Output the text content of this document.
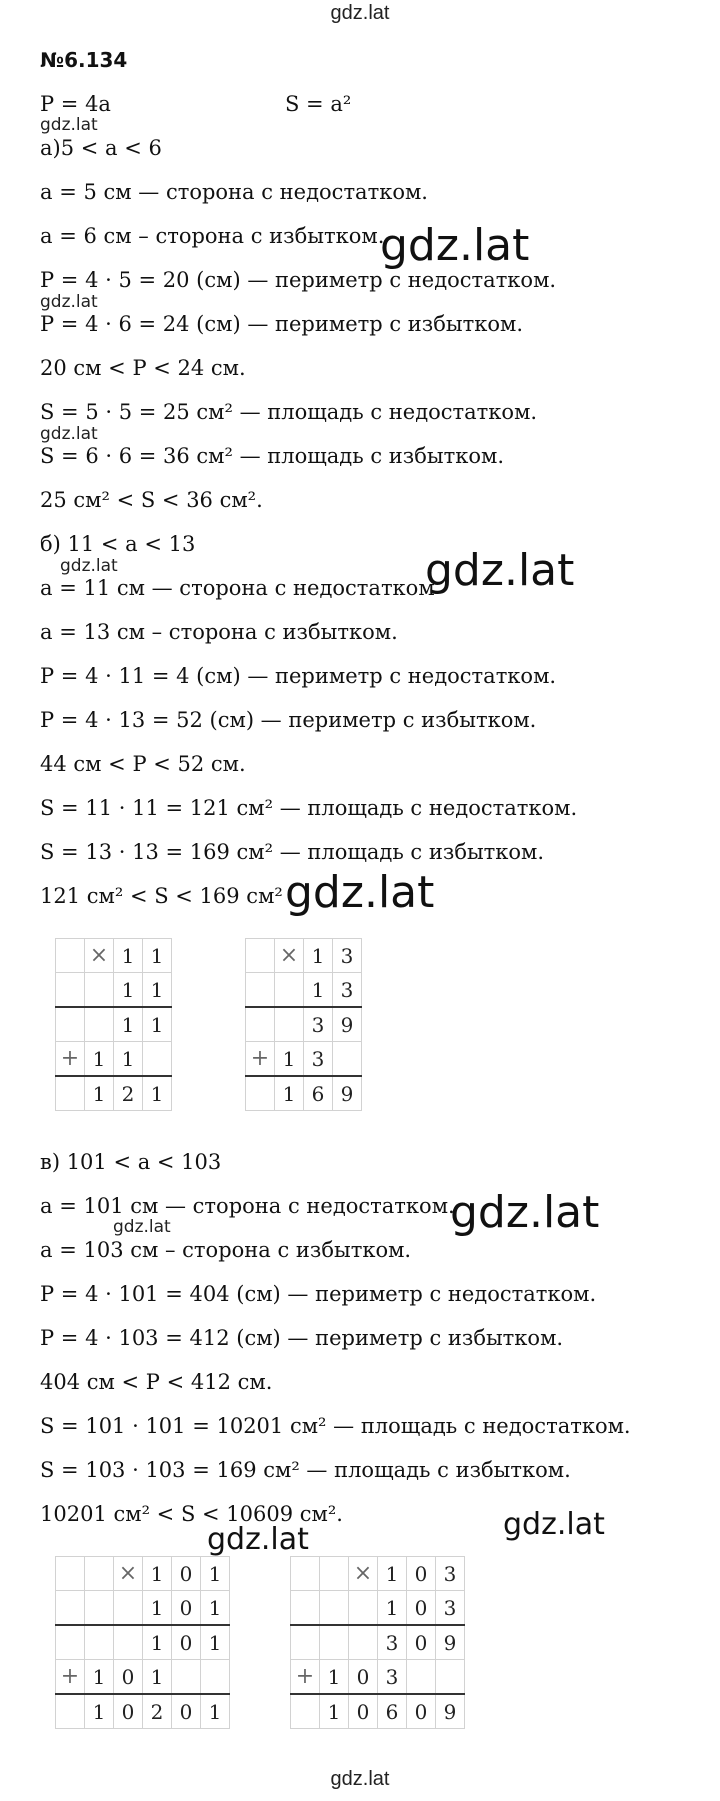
gdz.lat
№6.134
P = 4a	S = a²
а)5 < a < 6
a = 5 см — сторона с недостатком.
a = 6 см – сторона с избытком.
P = 4 · 5 = 20 (см) — периметр с недостатком.
P = 4 · 6 = 24 (см) — периметр с избытком.
20 см < P < 24 см.
S = 5 · 5 = 25 см² — площадь с недостатком.
S = 6 · 6 = 36 см² — площадь с избытком.
25 см² < S < 36 см².
б) 11 < a < 13
a = 11 см — сторона с недостатком
a = 13 см – сторона с избытком.
P = 4 · 11 = 4 (см) — периметр с недостатком.
P = 4 · 13 = 52 (см) — периметр с избытком.
44 см < P < 52 см.
S = 11 · 11 = 121 см² — площадь с недостатком.
S = 13 · 13 = 169 см² — площадь с избытком.
121 см² < S < 169 см²
	×	1	1
		1	1
		1	1
+	1	1	
	1	2	1
	×	1	3
		1	3
		3	9
+	1	3	
	1	6	9
в) 101 < a < 103
a = 101 см — сторона с недостатком.
a = 103 см – сторона с избытком.
P = 4 · 101 = 404 (см) — периметр с недостатком.
P = 4 · 103 = 412 (см) — периметр с избытком.
404 см < P < 412 см.
S = 101 · 101 = 10201 см² — площадь с недостатком.
S = 103 · 103 = 169 см² — площадь с избытком.
10201 см² < S < 10609 см².
		×	1	0	1
			1	0	1
			1	0	1
+	1	0	1		
	1	0	2	0	1
		×	1	0	3
			1	0	3
			3	0	9
+	1	0	3		
	1	0	6	0	9
gdz.lat
gdz.lat
gdz.lat
gdz.lat
gdz.lat	gdz.lat
gdz.lat
gdz.lat
gdz.lat
gdz.lat	gdz.lat
gdz.lat
